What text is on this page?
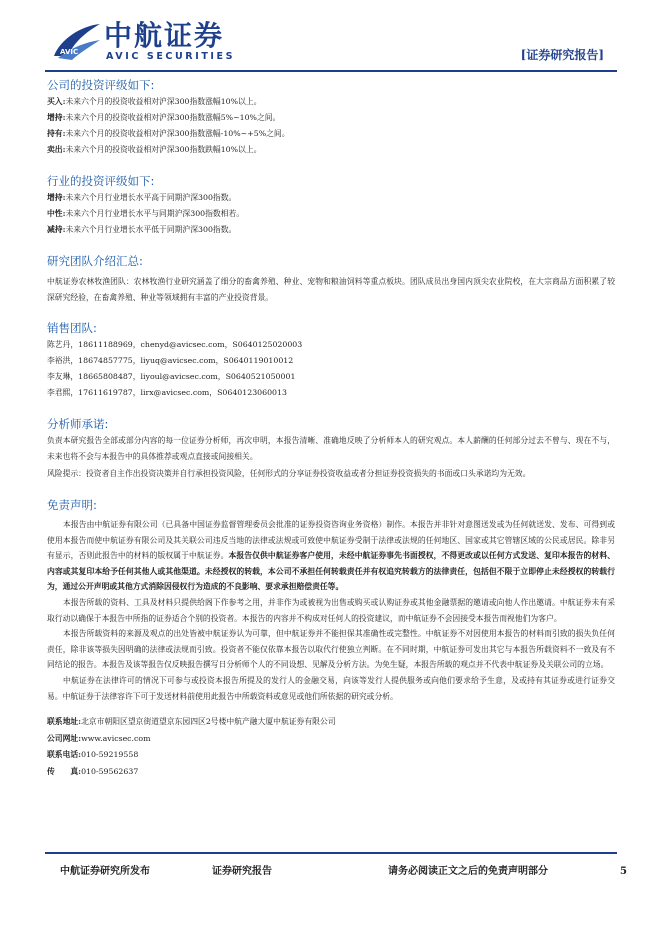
AVIC 中航证券
AVIC SECURITIES	[证券研究报告]
公司的投资评级如下:
买入:未来六个月的投资收益相对沪深300指数涨幅10%以上。
增持:未来六个月的投资收益相对沪深300指数涨幅5%~10%之间。
持有:未来六个月的投资收益相对沪深300指数涨幅-10%~+5%之间。
卖出:未来六个月的投资收益相对沪深300指数跌幅10%以上。
行业的投资评级如下:
增持:未来六个月行业增长水平高于同期沪深300指数。
中性:未来六个月行业增长水平与同期沪深300指数相若。
减持:未来六个月行业增长水平低于同期沪深300指数。
研究团队介绍汇总:
中航证券农林牧渔团队：农林牧渔行业研究涵盖了细分的畜禽养殖、种业、宠物和粮油饲料等重点板块。团队成员出身国内顶尖农业院校，在大宗商品方面积累了较深研究经验，在畜禽养殖、种业等领域拥有丰富的产业投资背景。
销售团队:
陈艺丹，18611188969，chenyd@avicsec.com，S0640125020003
李裕洪，18674857775，liyuq@avicsec.com，S0640119010012
李友琳，18665808487，liyoul@avicsec.com，S0640521050001
李君熙，17611619787，lirx@avicsec.com，S0640123060013
分析师承诺:
负责本研究报告全部或部分内容的每一位证券分析师，再次申明，本报告清晰、准确地反映了分析师本人的研究观点。本人薪酬的任何部分过去不曾与、现在不与，未来也将不会与本报告中的具体推荐或观点直接或间接相关。
风险提示：投资者自主作出投资决策并自行承担投资风险，任何形式的分享证券投资收益或者分担证券投资损失的书面或口头承诺均为无效。
免责声明:
本报告由中航证券有限公司（已具备中国证券监督管理委员会批准的证券投资咨询业务资格）制作。本报告并非针对意图送发或为任何就送发、发布、可得到或使用本报告而使中航证券有限公司及其关联公司违反当地的法律或法规或可致使中航证券受制于法律或法规的任何地区、国家或其它管辖区域的公民或居民。除非另有显示，否则此报告中的材料的版权属于中航证券。本报告仅供中航证券客户使用，未经中航证券事先书面授权，不得更改或以任何方式发送、复印本报告的材料、内容或其复印本给予任何其他人或其他渠道。未经授权的转载，本公司不承担任何转载责任并有权追究转载方的法律责任，包括但不限于立即停止未经授权的转载行为，通过公开声明或其他方式消除因侵权行为造成的不良影响、要求承担赔偿责任等。
本报告所载的资料、工具及材料只提供给阁下作参考之用，并非作为或被视为出售或购买或认购证券或其他金融票据的邀请或向他人作出邀请。中航证券未有采取行动以确保于本报告中所指的证券适合个别的投资者。本报告的内容并不构成对任何人的投资建议，而中航证券不会因接受本报告而视他们为客户。
本报告所载资料的来源及观点的出处皆被中航证券认为可靠，但中航证券并不能担保其准确性或完整性。中航证券不对因使用本报告的材料而引致的损失负任何责任，除非该等损失因明确的法律或法规而引致。投资者不能仅依靠本报告以取代行使独立判断。在不同时期，中航证券可发出其它与本报告所载资料不一致及有不同结论的报告。本报告及该等报告仅反映报告撰写日分析师个人的不同设想、见解及分析方法。为免生疑，本报告所载的观点并不代表中航证券及关联公司的立场。
中航证券在法律许可的情况下可参与或投资本报告所提及的发行人的金融交易，向该等发行人提供服务或向他们要求给予生意，及或持有其证券或进行证券交易。中航证券于法律容许下可于发送材料前使用此报告中所载资料或意见或他们所依据的研究或分析。
联系地址:北京市朝阳区望京街道望京东园四区2号楼中航产融大厦中航证券有限公司
公司网址:www.avicsec.com
联系电话:010-59219558
传　　真:010-59562637
中航证券研究所发布	证券研究报告	请务必阅读正文之后的免责声明部分	5
